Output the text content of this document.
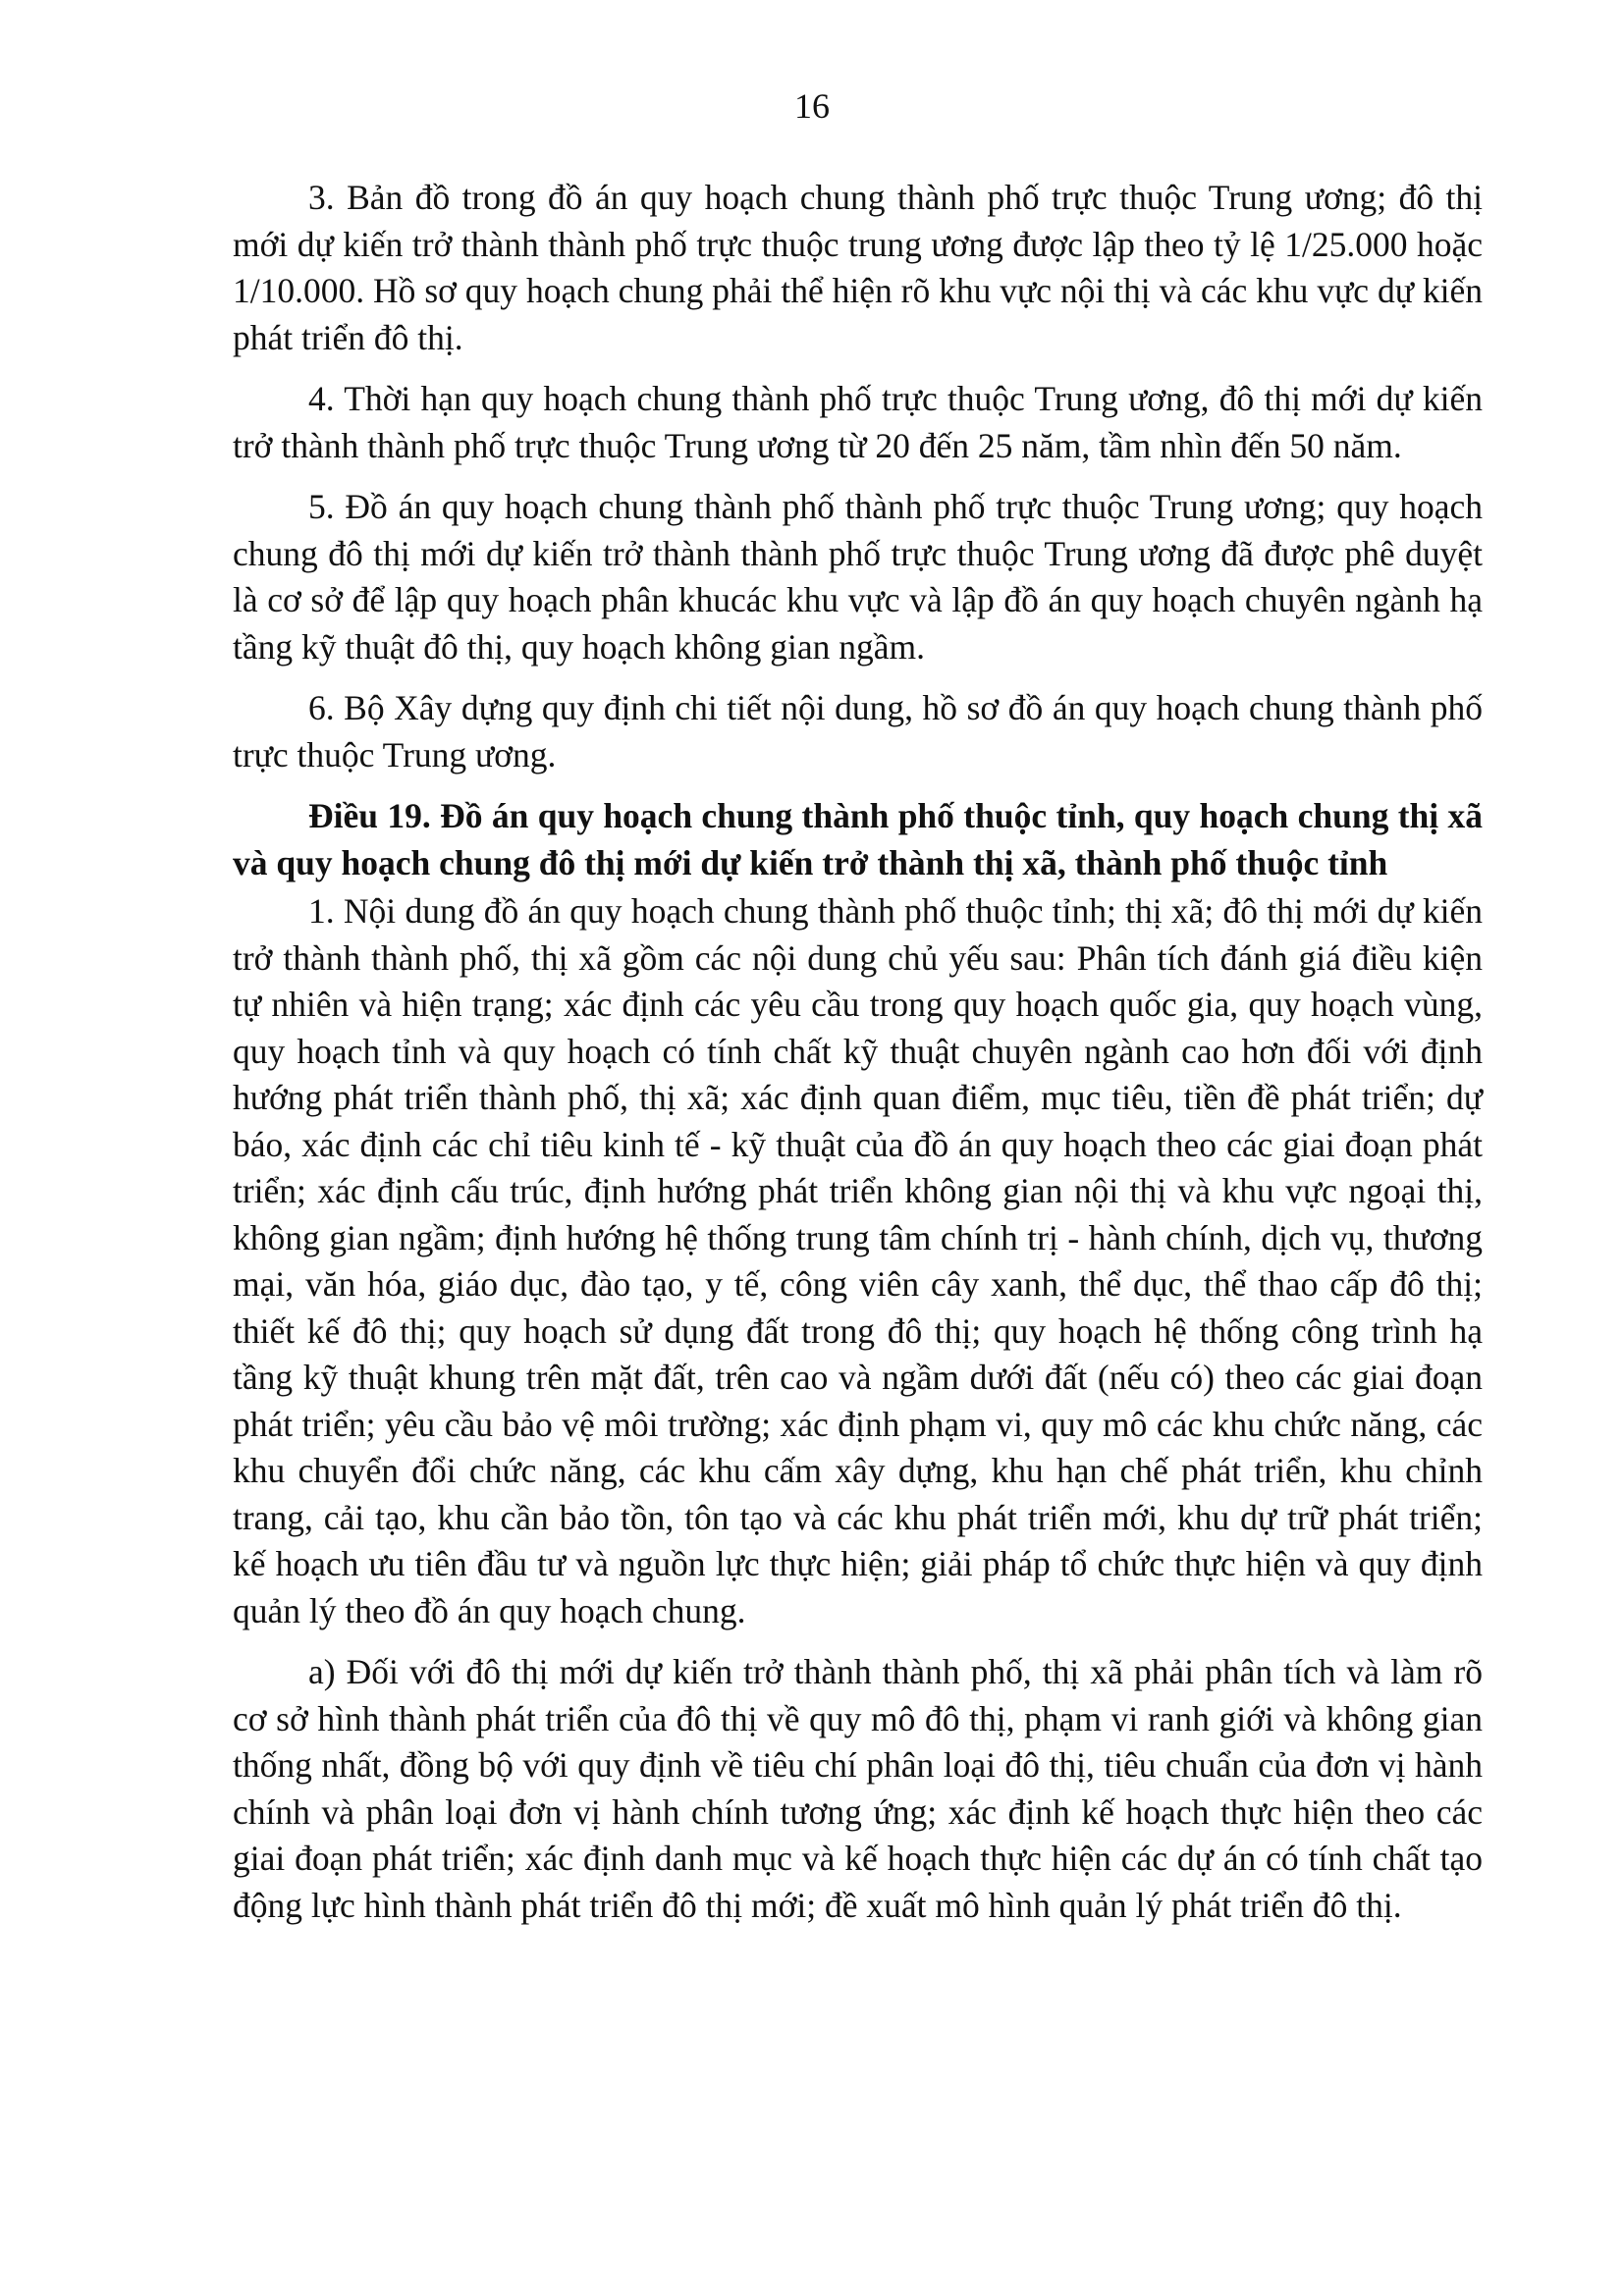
16

3. Bản đồ trong đồ án quy hoạch chung thành phố trực thuộc Trung ương; đô thị mới dự kiến trở thành thành phố trực thuộc trung ương được lập theo tỷ lệ 1/25.000 hoặc 1/10.000. Hồ sơ quy hoạch chung phải thể hiện rõ khu vực nội thị và các khu vực dự kiến phát triển đô thị.

4. Thời hạn quy hoạch chung thành phố trực thuộc Trung ương, đô thị mới dự kiến trở thành thành phố trực thuộc Trung ương từ 20 đến 25 năm, tầm nhìn đến 50 năm.

5. Đồ án quy hoạch chung thành phố thành phố trực thuộc Trung ương; quy hoạch chung đô thị mới dự kiến trở thành thành phố trực thuộc Trung ương đã được phê duyệt là cơ sở để lập quy hoạch phân khucác khu vực và lập đồ án quy hoạch chuyên ngành hạ tầng kỹ thuật đô thị, quy hoạch không gian ngầm.

6. Bộ Xây dựng quy định chi tiết nội dung, hồ sơ đồ án quy hoạch chung thành phố trực thuộc Trung ương.

Điều 19. Đồ án quy hoạch chung thành phố thuộc tỉnh, quy hoạch chung thị xã và quy hoạch chung đô thị mới dự kiến trở thành thị xã, thành phố thuộc tỉnh

1. Nội dung đồ án quy hoạch chung thành phố thuộc tỉnh; thị xã; đô thị mới dự kiến trở thành thành phố, thị xã gồm các nội dung chủ yếu sau: Phân tích đánh giá điều kiện tự nhiên và hiện trạng; xác định các yêu cầu trong quy hoạch quốc gia, quy hoạch vùng, quy hoạch tỉnh và quy hoạch có tính chất kỹ thuật chuyên ngành cao hơn đối với định hướng phát triển thành phố, thị xã; xác định quan điểm, mục tiêu, tiền đề phát triển; dự báo, xác định các chỉ tiêu kinh tế - kỹ thuật của đồ án quy hoạch theo các giai đoạn phát triển; xác định cấu trúc, định hướng phát triển không gian nội thị và khu vực ngoại thị, không gian ngầm; định hướng hệ thống trung tâm chính trị - hành chính, dịch vụ, thương mại, văn hóa, giáo dục, đào tạo, y tế, công viên cây xanh, thể dục, thể thao cấp đô thị; thiết kế đô thị; quy hoạch sử dụng đất trong đô thị; quy hoạch hệ thống công trình hạ tầng kỹ thuật khung trên mặt đất, trên cao và ngầm dưới đất (nếu có) theo các giai đoạn phát triển; yêu cầu bảo vệ môi trường; xác định phạm vi, quy mô các khu chức năng, các khu chuyển đổi chức năng, các khu cấm xây dựng, khu hạn chế phát triển, khu chỉnh trang, cải tạo, khu cần bảo tồn, tôn tạo và các khu phát triển mới, khu dự trữ phát triển; kế hoạch ưu tiên đầu tư và nguồn lực thực hiện; giải pháp tổ chức thực hiện và quy định quản lý theo đồ án quy hoạch chung.

a) Đối với đô thị mới dự kiến trở thành thành phố, thị xã phải phân tích và làm rõ cơ sở hình thành phát triển của đô thị về quy mô đô thị, phạm vi ranh giới và không gian thống nhất, đồng bộ với quy định về tiêu chí phân loại đô thị, tiêu chuẩn của đơn vị hành chính và phân loại đơn vị hành chính tương ứng; xác định kế hoạch thực hiện theo các giai đoạn phát triển; xác định danh mục và kế hoạch thực hiện các dự án có tính chất tạo động lực hình thành phát triển đô thị mới; đề xuất mô hình quản lý phát triển đô thị.
